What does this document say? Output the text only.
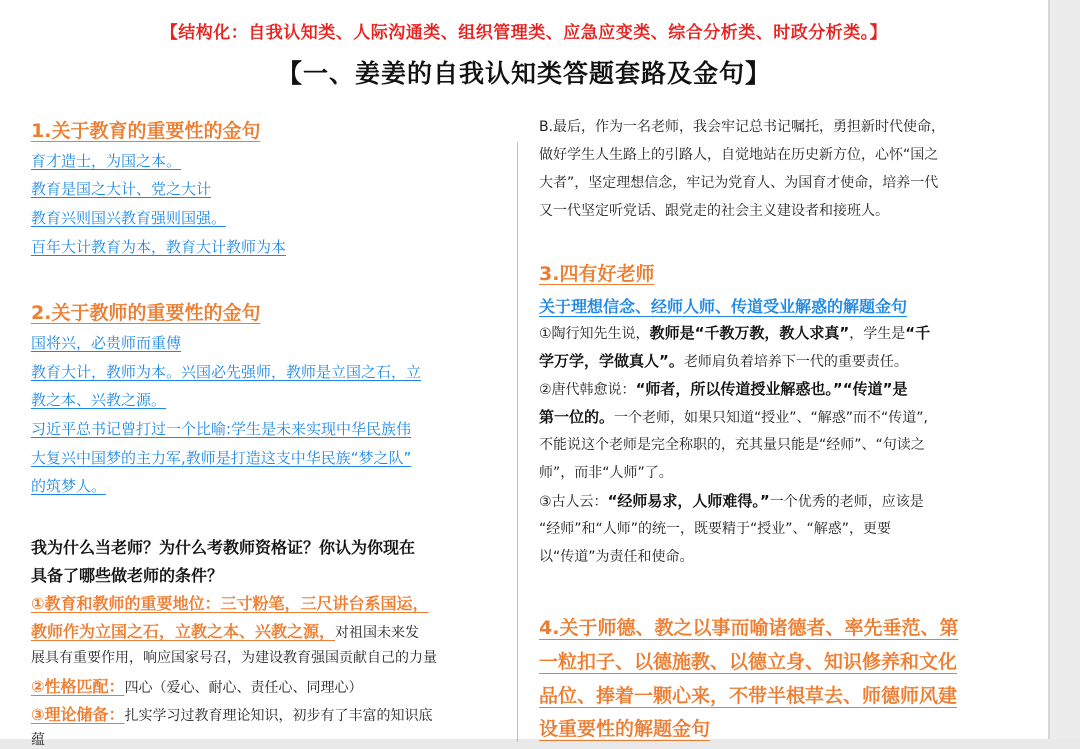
【结构化：自我认知类、人际沟通类、组织管理类、应急应变类、综合分析类、时政分析类。】
【一、姜姜的自我认知类答题套路及金句】
1.关于教育的重要性的金句
育才造士，为国之本。
教育是国之大计、党之大计
教育兴则国兴教育强则国强。
百年大计教育为本，教育大计教师为本
2.关于教师的重要性的金句
国将兴，必贵师而重傅
教育大计，教师为本。兴国必先强师，教师是立国之石，立
教之本、兴教之源。
习近平总书记曾打过一个比喻:学生是未来实现中华民族伟
大复兴中国梦的主力军,教师是打造这支中华民族“梦之队”
的筑梦人。
我为什么当老师？为什么考教师资格证？你认为你现在
具备了哪些做老师的条件？
①教育和教师的重要地位：三寸粉笔，三尺讲台系国运，
教师作为立国之石，立教之本、兴教之源，对祖国未来发
展具有重要作用，响应国家号召，为建设教育强国贡献自己的力量
②性格匹配：四心（爱心、耐心、责任心、同理心）
③理论储备：扎实学习过教育理论知识，初步有了丰富的知识底
蕴
B.最后，作为一名老师，我会牢记总书记嘱托，勇担新时代使命，
做好学生人生路上的引路人，自觉地站在历史新方位，心怀“国之
大者”，坚定理想信念，牢记为党育人、为国育才使命，培养一代
又一代坚定听党话、跟党走的社会主义建设者和接班人。
3.四有好老师
关于理想信念、经师人师、传道受业解惑的解题金句
①陶行知先生说，教师是“千教万教，教人求真”，学生是“千
学万学，学做真人”。老师肩负着培养下一代的重要责任。
②唐代韩愈说：“师者，所以传道授业解惑也。”“传道”是
第一位的。一个老师，如果只知道“授业”、“解惑”而不“传道”,
不能说这个老师是完全称职的，充其量只能是“经师”、“句读之
师”，而非“人师”了。
③古人云：“经师易求，人师难得。”一个优秀的老师，应该是
“经师”和“人师”的统一，既要精于“授业”、“解惑”，更要
以“传道”为责任和使命。
4.关于师德、教之以事而喻诸德者、率先垂范、第
一粒扣子、以德施教、以德立身、知识修养和文化
品位、捧着一颗心来，不带半根草去、师德师风建
设重要性的解题金句
